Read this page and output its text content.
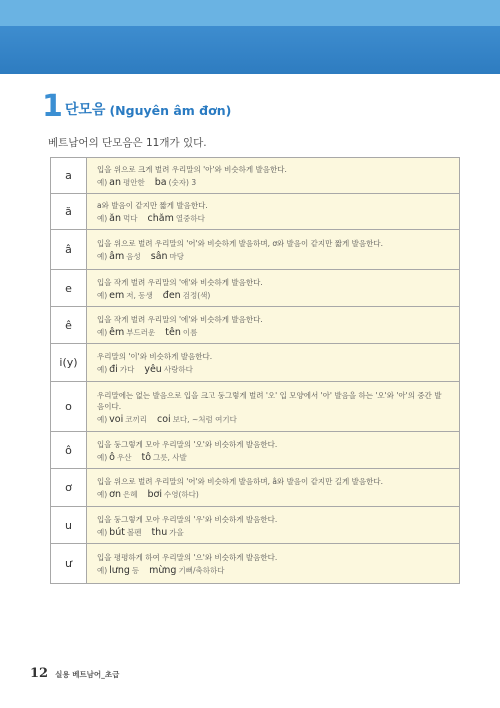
1 단모음 (Nguyên âm đơn)
베트남어의 단모음은 11개가 있다.
a	입을 위으로 크게 벌려 우리말의 '아'와 비슷하게 발음한다.
예) an 평안한 ba (숫자) 3

ă	a와 발음이 같지만 짧게 발음한다.
예) ăn 먹다 chăm 열중하다

â	입을 위으로 벌려 우리말의 '어'와 비슷하게 발음하며, ơ와 발음이 같지만 짧게 발음한다.
예) âm 음성 sân 마당

e	입을 작게 벌려 우리말의 '애'와 비슷하게 발음한다.
예) em 저, 동생 đen 검정(색)

ê	입을 작게 벌려 우리말의 '에'와 비슷하게 발음한다.
예) êm 부드러운 tên 이름

i(y)	우리말의 '이'와 비슷하게 발음한다.
예) đi 가다 yêu 사랑하다

o	우리말에는 없는 발음으로 입을 크고 둥그렇게 벌려 '오' 입 모양에서 '아' 발음을 하는 '오'와 '아'의 중간 발
음이다.
예) voi 코끼리 coi 보다, ~처럼 여기다

ô	입을 둥그렇게 모아 우리말의 '오'와 비슷하게 발음한다.
예) ô 우산 tô 그릇, 사발

ơ	입을 위으로 벌려 우리말의 '어'와 비슷하게 발음하며, â와 발음이 같지만 길게 발음한다.
예) ơn 은혜 bơi 수영(하다)

u	입을 둥그렇게 모아 우리말의 '우'와 비슷하게 발음한다.
예) bút 볼펜 thu 가을

ư	입을 평평하게 하여 우리말의 '으'와 비슷하게 발음한다.
예) lưng 등 mừng 기뻐/축하하다
12 실용 베트남어_초급
